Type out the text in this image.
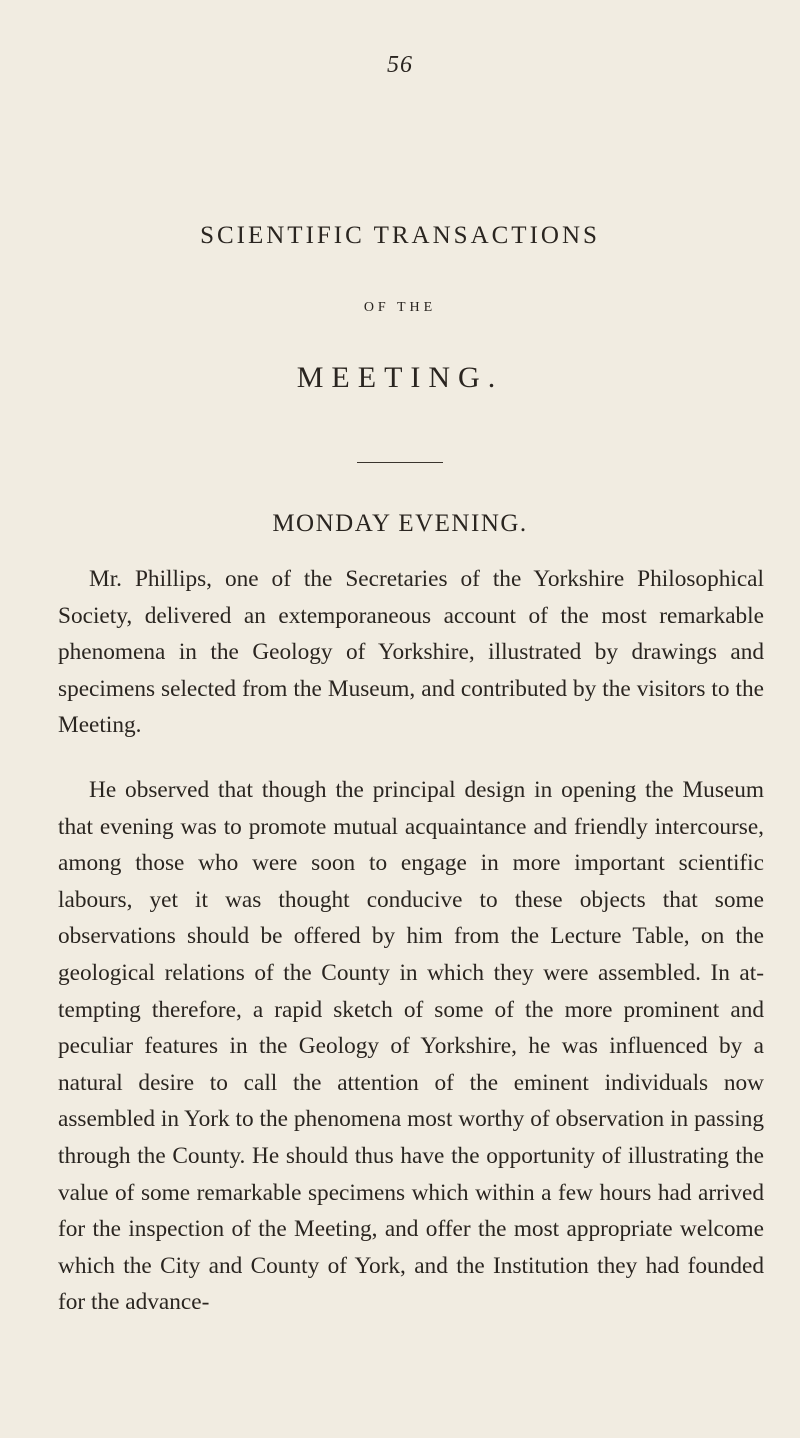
56
SCIENTIFIC TRANSACTIONS
OF THE
MEETING.
MONDAY EVENING.

Mr. Phillips, one of the Secretaries of the Yorkshire Philosophical Society, delivered an extemporaneous account of the most remarkable phenomena in the Geology of Yorkshire, illustrated by drawings and specimens selected from the Museum, and contributed by the visitors to the Meeting.

He observed that though the principal design in opening the Museum that evening was to promote mutual acquaintance and friendly intercourse, among those who were soon to engage in more important scientific labours, yet it was thought conducive to these objects that some observations should be offered by him from the Lecture Table, on the geological relations of the County in which they were assembled. In attempting therefore, a rapid sketch of some of the more prominent and peculiar features in the Geology of Yorkshire, he was influenced by a natural desire to call the attention of the eminent individuals now assembled in York to the phenomena most worthy of observation in passing through the County. He should thus have the opportunity of illustrating the value of some remarkable specimens which within a few hours had arrived for the inspection of the Meeting, and offer the most appropriate welcome which the City and County of York, and the Institution they had founded for the advance-
